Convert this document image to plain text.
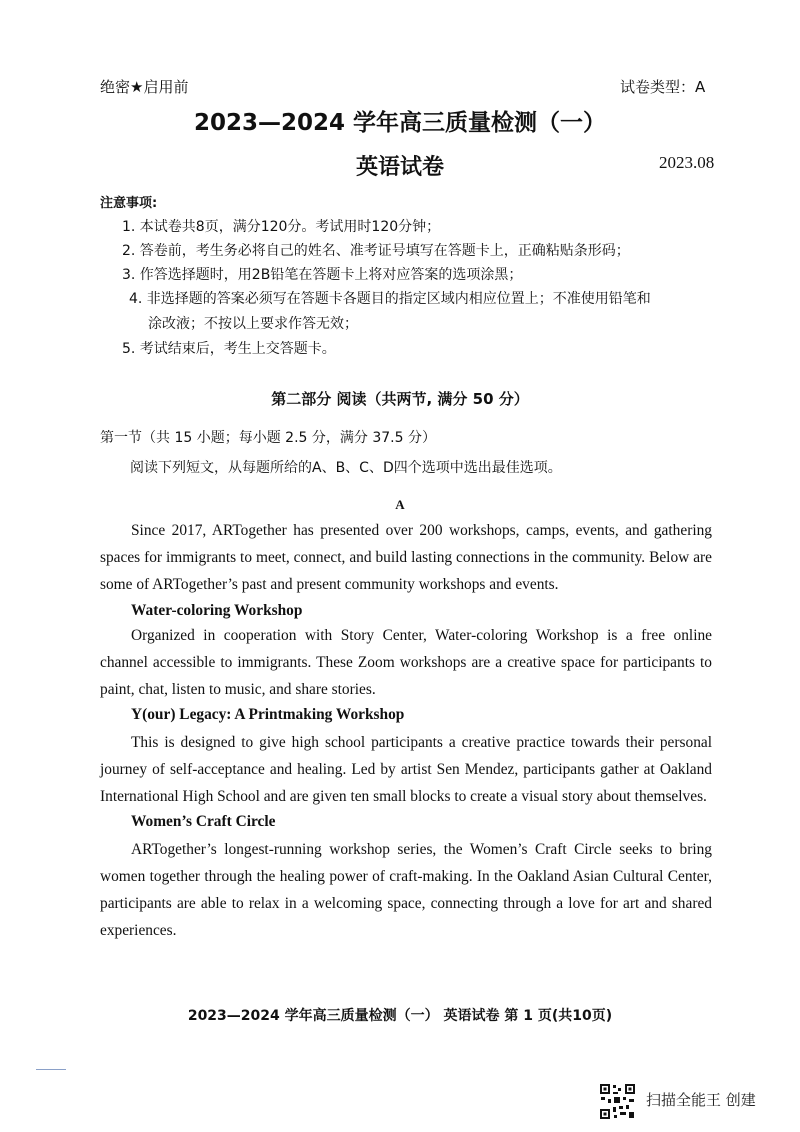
绝密★启用前	试卷类型：A
2023—2024 学年高三质量检测（一）
英语试卷	2023.08
注意事项:
1. 本试卷共8页，满分120分。考试用时120分钟；
2. 答卷前，考生务必将自己的姓名、准考证号填写在答题卡上，正确粘贴条形码；
3. 作答选择题时，用2B铅笔在答题卡上将对应答案的选项涂黑；
4. 非选择题的答案必须写在答题卡各题目的指定区域内相应位置上；不准使用铅笔和
涂改液；不按以上要求作答无效；
5. 考试结束后，考生上交答题卡。
第二部分 阅读（共两节, 满分 50 分）
第一节（共 15 小题；每小题 2.5 分，满分 37.5 分）
阅读下列短文，从每题所给的A、B、C、D四个选项中选出最佳选项。
A
Since 2017, ARTogether has presented over 200 workshops, camps, events, and gathering spaces for immigrants to meet, connect, and build lasting connections in the community. Below are some of ARTogether’s past and present community workshops and events.
Water-coloring Workshop
Organized in cooperation with Story Center, Water-coloring Workshop is a free online channel accessible to immigrants. These Zoom workshops are a creative space for participants to paint, chat, listen to music, and share stories.
Y(our) Legacy: A Printmaking Workshop
This is designed to give high school participants a creative practice towards their personal journey of self-acceptance and healing. Led by artist Sen Mendez, participants gather at Oakland International High School and are given ten small blocks to create a visual story about themselves.
Women’s Craft Circle
ARTogether’s longest-running workshop series, the Women’s Craft Circle seeks to bring women together through the healing power of craft-making. In the Oakland Asian Cultural Center, participants are able to relax in a welcoming space, connecting through a love for art and shared experiences.
2023—2024 学年高三质量检测（一） 英语试卷 第 1 页(共10页)
扫描全能王 创建
